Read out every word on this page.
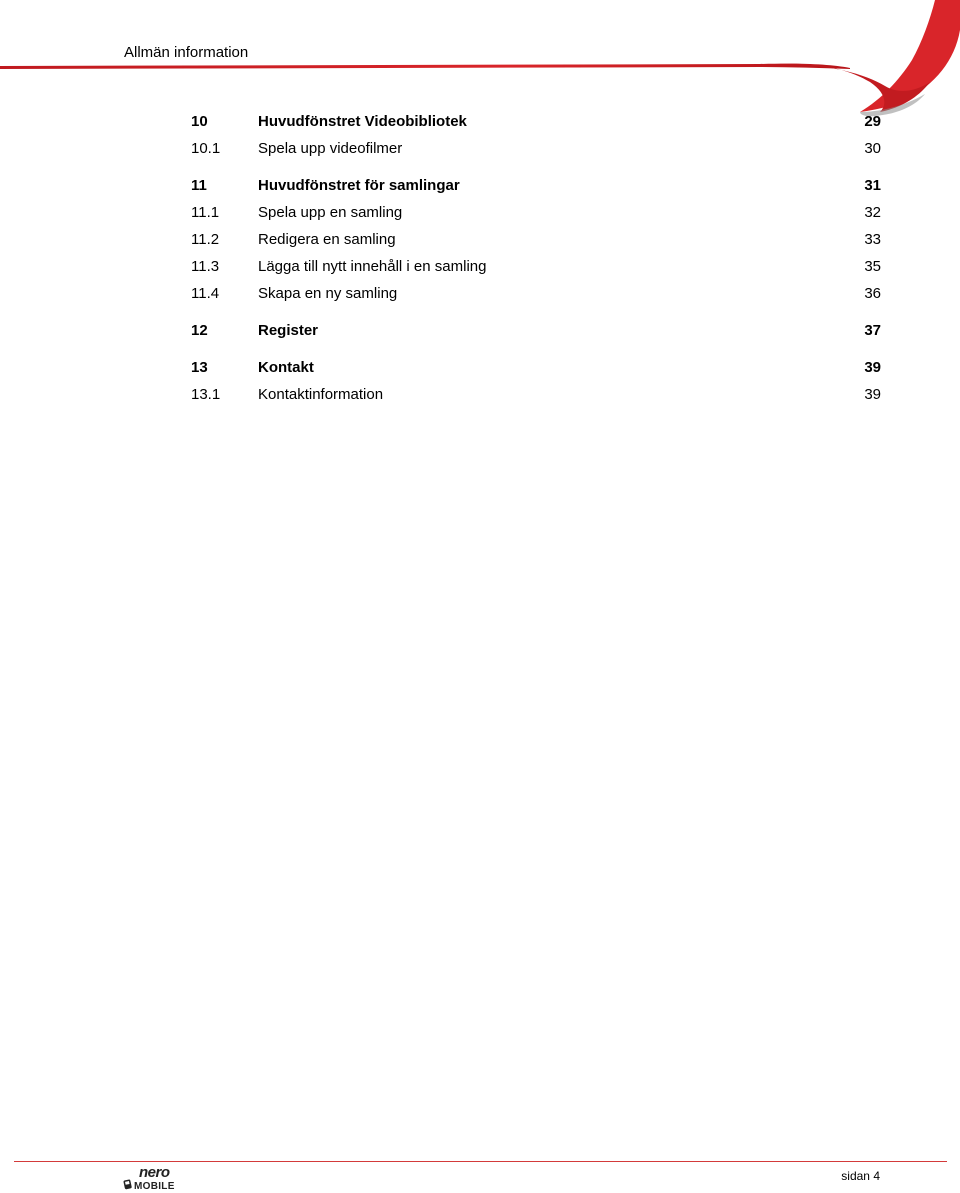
Allmän information
10	Huvudfönstret Videobibliotek	29
10.1	Spela upp videofilmer	30
11	Huvudfönstret för samlingar	31
11.1	Spela upp en samling	32
11.2	Redigera en samling	33
11.3	Lägga till nytt innehåll i en samling	35
11.4	Skapa en ny samling	36
12	Register	37
13	Kontakt	39
13.1	Kontaktinformation	39
nero
MOBILE
sidan 4
